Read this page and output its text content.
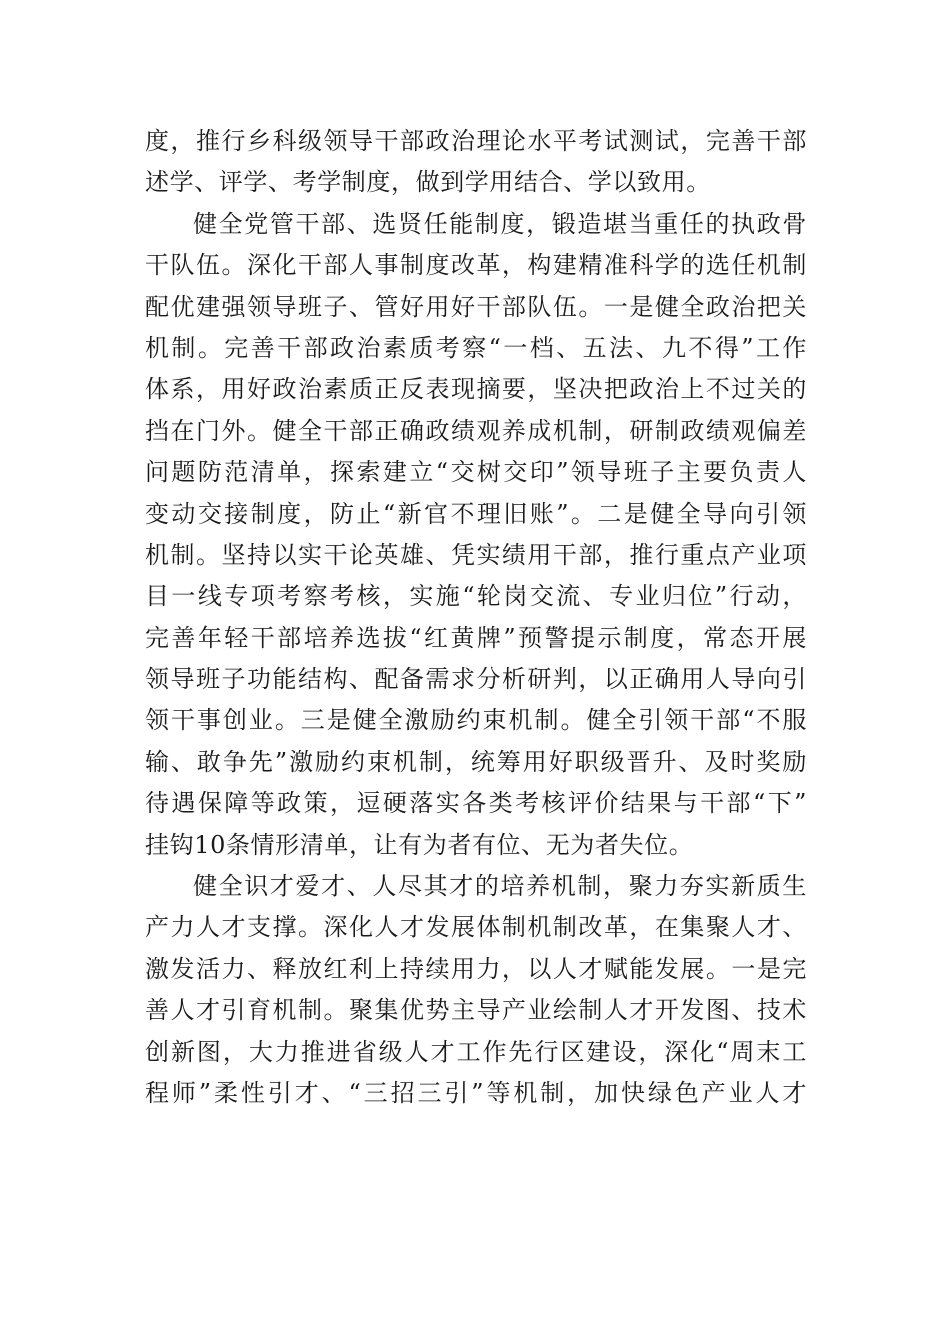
度，推行乡科级领导干部政治理论水平考试测试，完善干部
述学、评学、考学制度，做到学用结合、学以致用。
健全党管干部、选贤任能制度，锻造堪当重任的执政骨
干队伍。深化干部人事制度改革，构建精准科学的选任机制
配优建强领导班子、管好用好干部队伍。一是健全政治把关
机制。完善干部政治素质考察“一档、五法、九不得”工作
体系，用好政治素质正反表现摘要，坚决把政治上不过关的
挡在门外。健全干部正确政绩观养成机制，研制政绩观偏差
问题防范清单，探索建立“交树交印”领导班子主要负责人
变动交接制度，防止“新官不理旧账”。二是健全导向引领
机制。坚持以实干论英雄、凭实绩用干部，推行重点产业项
目一线专项考察考核，实施“轮岗交流、专业归位”行动，
完善年轻干部培养选拔“红黄牌”预警提示制度，常态开展
领导班子功能结构、配备需求分析研判，以正确用人导向引
领干事创业。三是健全激励约束机制。健全引领干部“不服
输、敢争先”激励约束机制，统筹用好职级晋升、及时奖励
待遇保障等政策，逗硬落实各类考核评价结果与干部“下”
挂钩10条情形清单，让有为者有位、无为者失位。
健全识才爱才、人尽其才的培养机制，聚力夯实新质生
产力人才支撑。深化人才发展体制机制改革，在集聚人才、
激发活力、释放红利上持续用力，以人才赋能发展。一是完
善人才引育机制。聚集优势主导产业绘制人才开发图、技术
创新图，大力推进省级人才工作先行区建设，深化“周末工
程师”柔性引才、“三招三引”等机制，加快绿色产业人才
